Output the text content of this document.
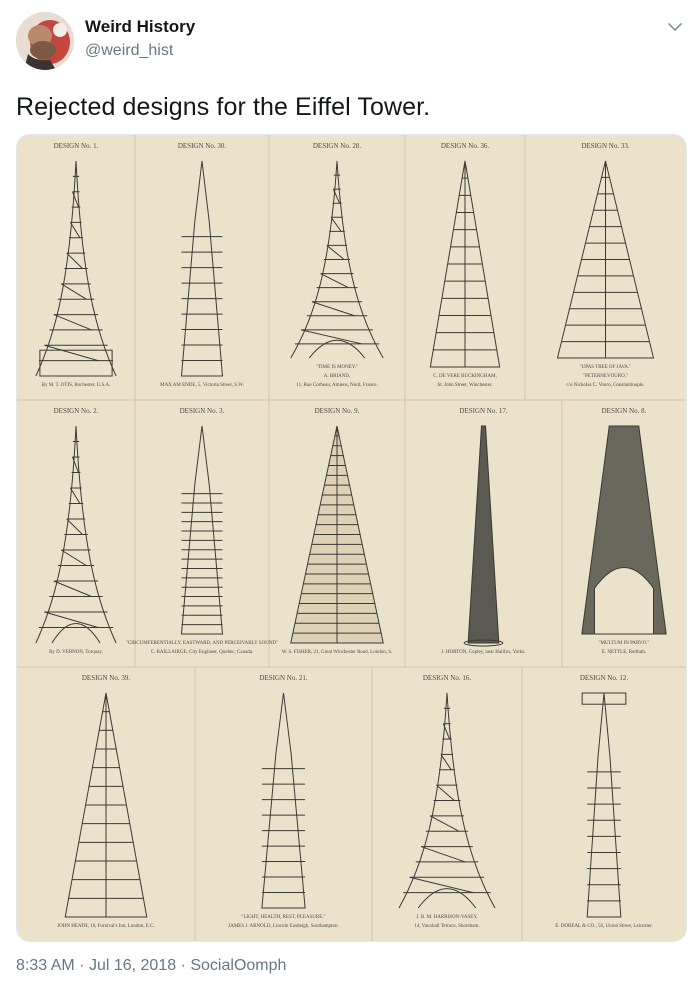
Weird History
@weird_hist
Rejected designs for the Eiffel Tower.
DESIGN No. 1.
By M. T. OTIS, Rochester, U.S.A.
DESIGN No. 30.
MAX AM ENDE, 5, Victoria Street, S.W.
DESIGN No. 28.
"TIME IS MONEY."
A. BRIAND,
11, Rue Corbeau, Amiens, Nord, France.
DESIGN No. 36.
C. DE VERE BUCKINGHAM,
St. John Street, Winchester.
DESIGN No. 33.
"UPAS TREE OF JAVA."
"PETERNEVOURO,"
c/o Nicholas C. Vouro, Constantinople.
DESIGN No. 2.
By D. VERNON, Torquay.
DESIGN No. 3.
"CIRCUMFERENTIALLY, EASTWARD, AND PERCEIVABLY SOUND"
C. BAILLAIRGE, City Engineer, Quebec, Canada.
DESIGN No. 9.
W. S. FISHER, 21, Great Winchester Road, London, S.
DESIGN No. 17.
J. HORTON, Copley, near Halifax, Yorks.
DESIGN No. 8.
"MULTUM IN PARVO."
E. NETTLE, Redruth.
DESIGN No. 39.
JOHN HEATH, 16, Furnival's Inn, London, E.C.
DESIGN No. 21.
"LIGHT, HEALTH, REST, PLEASURE."
JAMES J. ARNOLD, Lincoln Eastleigh, Southampton.
DESIGN No. 16.
J. B. M. HARRISON-VASEY,
14, Vauxhall Terrace, Shoreham.
DESIGN No. 12.
E. DOREAL & CO., 56, Union Street, Leicester.
8:33 AM · Jul 16, 2018 · SocialOomph
